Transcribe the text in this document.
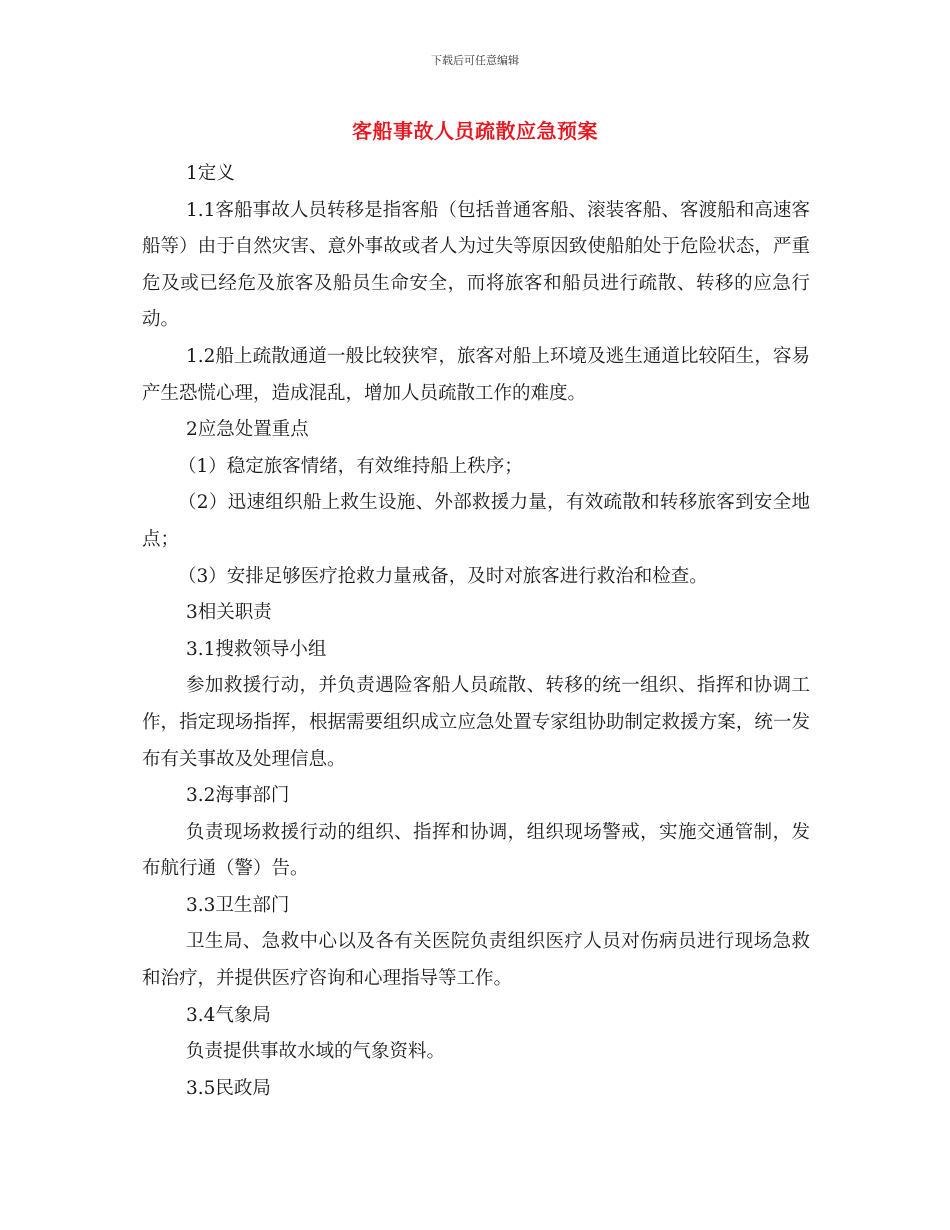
下载后可任意编辑
客船事故人员疏散应急预案

1定义

1.1客船事故人员转移是指客船（包括普通客船、滚装客船、客渡船和高速客船等）由于自然灾害、意外事故或者人为过失等原因致使船舶处于危险状态，严重危及或已经危及旅客及船员生命安全，而将旅客和船员进行疏散、转移的应急行动。

1.2船上疏散通道一般比较狭窄，旅客对船上环境及逃生通道比较陌生，容易产生恐慌心理，造成混乱，增加人员疏散工作的难度。

2应急处置重点

（1）稳定旅客情绪，有效维持船上秩序；

（2）迅速组织船上救生设施、外部救援力量，有效疏散和转移旅客到安全地点；

（3）安排足够医疗抢救力量戒备，及时对旅客进行救治和检查。

3相关职责

3.1搜救领导小组

参加救援行动，并负责遇险客船人员疏散、转移的统一组织、指挥和协调工作，指定现场指挥，根据需要组织成立应急处置专家组协助制定救援方案，统一发布有关事故及处理信息。

3.2海事部门

负责现场救援行动的组织、指挥和协调，组织现场警戒，实施交通管制，发布航行通（警）告。

3.3卫生部门

卫生局、急救中心以及各有关医院负责组织医疗人员对伤病员进行现场急救和治疗，并提供医疗咨询和心理指导等工作。

3.4气象局

负责提供事故水域的气象资料。

3.5民政局
